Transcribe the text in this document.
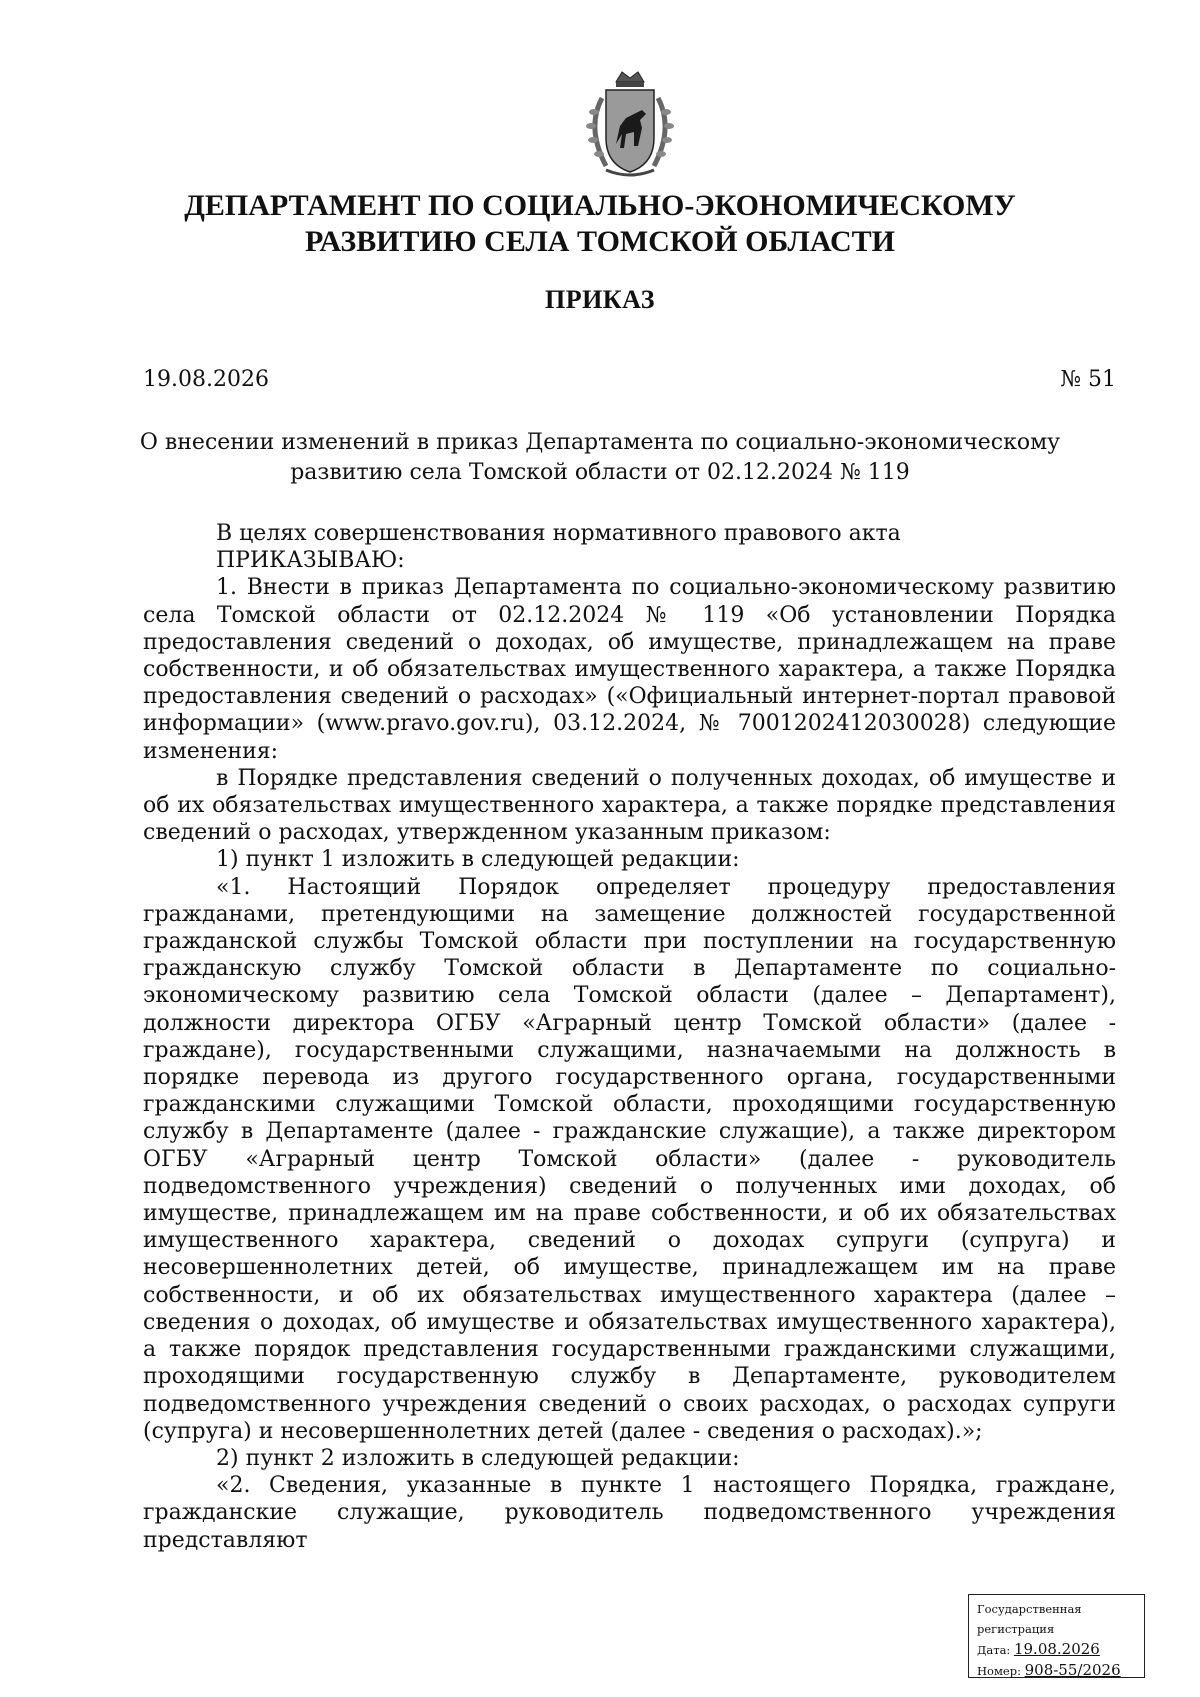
ДЕПАРТАМЕНТ ПО СОЦИАЛЬНО-ЭКОНОМИЧЕСКОМУ
РАЗВИТИЮ СЕЛА ТОМСКОЙ ОБЛАСТИ
ПРИКАЗ
19.08.2026	№ 51
О внесении изменений в приказ Департамента по социально-экономическому
развитию села Томской области от 02.12.2024 № 119

В целях совершенствования нормативного правового акта

ПРИКАЗЫВАЮ:

1. Внести в приказ Департамента по социально-экономическому развитию села Томской области от 02.12.2024 № 119 «Об установлении Порядка предоставления сведений о доходах, об имуществе, принадлежащем на праве собственности, и об обязательствах имущественного характера, а также Порядка предоставления сведений о расходах» («Официальный интернет-портал правовой информации» (www.pravo.gov.ru), 03.12.2024, № 7001202412030028) следующие изменения:

в Порядке представления сведений о полученных доходах, об имуществе и об их обязательствах имущественного характера, а также порядке представления сведений о расходах, утвержденном указанным приказом:

1) пункт 1 изложить в следующей редакции:

«1. Настоящий Порядок определяет процедуру предоставления гражданами, претендующими на замещение должностей государственной гражданской службы Томской области при поступлении на государственную гражданскую службу Томской области в Департаменте по социально-экономическому развитию села Томской области (далее – Департамент), должности директора ОГБУ «Аграрный центр Томской области» (далее - граждане), государственными служащими, назначаемыми на должность в порядке перевода из другого государственного органа, государственными гражданскими служащими Томской области, проходящими государственную службу в Департаменте (далее - гражданские служащие), а также директором ОГБУ «Аграрный центр Томской области» (далее - руководитель подведомственного учреждения) сведений о полученных ими доходах, об имуществе, принадлежащем им на праве собственности, и об их обязательствах имущественного характера, сведений о доходах супруги (супруга) и несовершеннолетних детей, об имуществе, принадлежащем им на праве собственности, и об их обязательствах имущественного характера (далее – сведения о доходах, об имуществе и обязательствах имущественного характера), а также порядок представления государственными гражданскими служащими, проходящими государственную службу в Департаменте, руководителем подведомственного учреждения сведений о своих расходах, о расходах супруги (супруга) и несовершеннолетних детей (далее - сведения о расходах).»;

2) пункт 2 изложить в следующей редакции:

«2. Сведения, указанные в пункте 1 настоящего Порядка, граждане, гражданские служащие, руководитель подведомственного учреждения представляют

Государственная регистрация
Дата: 19.08.2026
Номер: 908-55/2026
